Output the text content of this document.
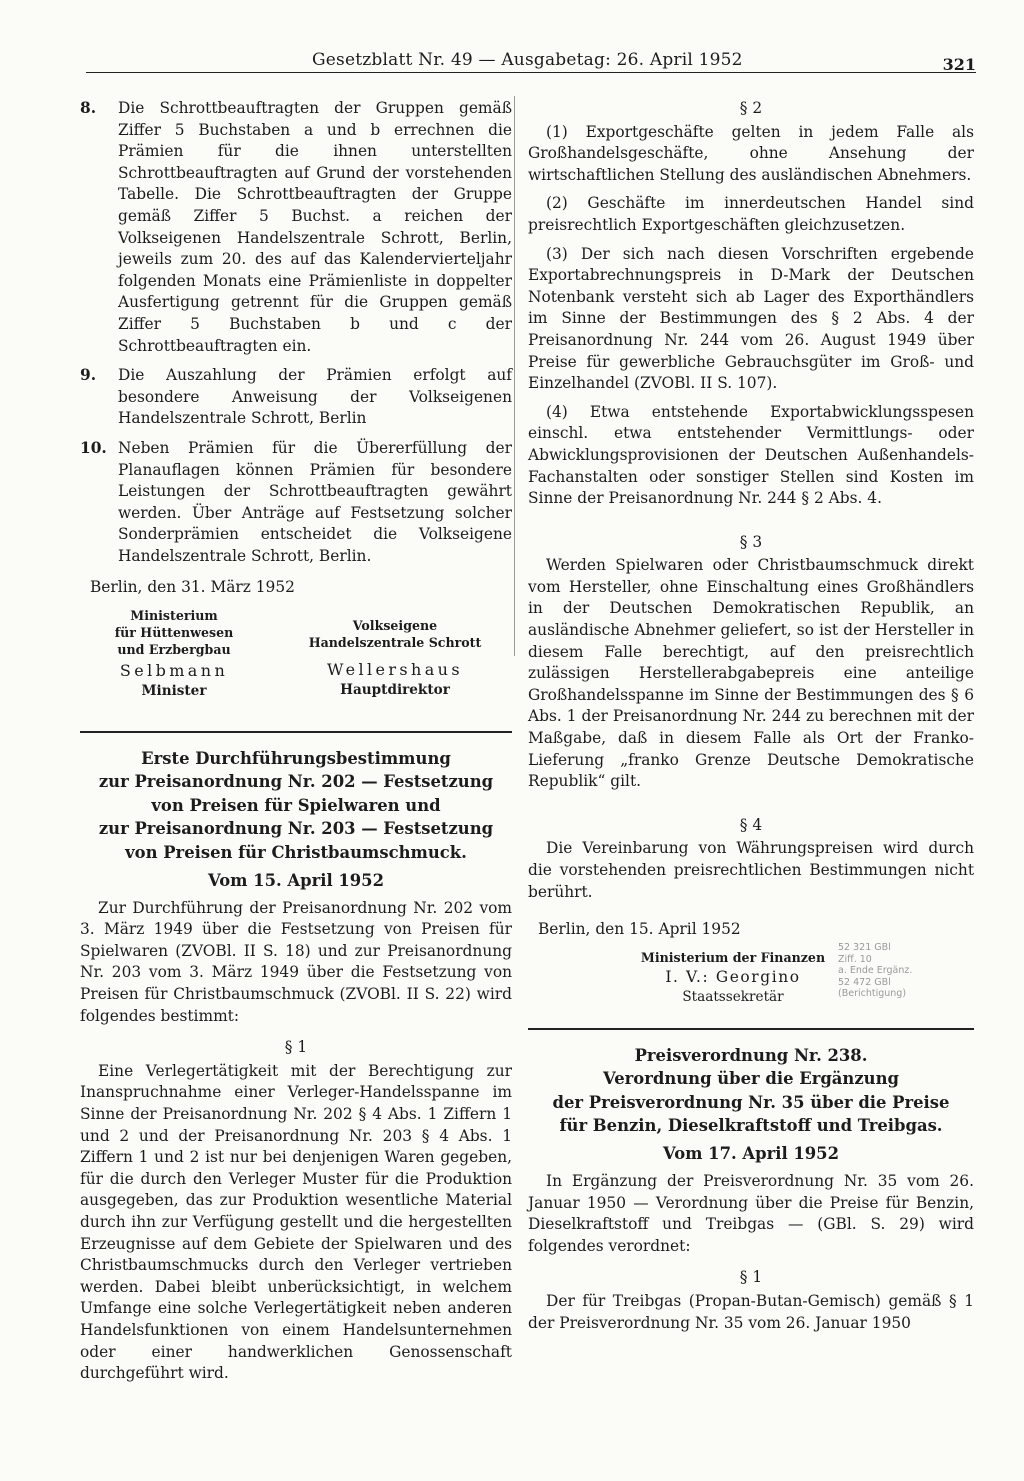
Gesetzblatt Nr. 49 — Ausgabetag: 26. April 1952	321
8. Die Schrottbeauftragten der Gruppen gemäß Ziffer 5 Buchstaben a und b errechnen die Prämien für die ihnen unterstellten Schrottbeauftragten auf Grund der vorstehenden Tabelle. Die Schrottbeauftragten der Gruppe gemäß Ziffer 5 Buchst. a reichen der Volkseigenen Handelszentrale Schrott, Berlin, jeweils zum 20. des auf das Kalendervierteljahr folgenden Monats eine Prämienliste in doppelter Ausfertigung getrennt für die Gruppen gemäß Ziffer 5 Buchstaben b und c der Schrottbeauftragten ein.
9. Die Auszahlung der Prämien erfolgt auf besondere Anweisung der Volkseigenen Handelszentrale Schrott, Berlin
10. Neben Prämien für die Übererfüllung der Planauflagen können Prämien für besondere Leistungen der Schrottbeauftragten gewährt werden. Über Anträge auf Festsetzung solcher Sonderprämien entscheidet die Volkseigene Handelszentrale Schrott, Berlin.

Berlin, den 31. März 1952

Ministerium
für Hüttenwesen
und Erzbergbau
Selbmann
Minister
Volkseigene
Handelszentrale Schrott
Wellershaus
Hauptdirektor
Erste Durchführungsbestimmung
zur Preisanordnung Nr. 202 — Festsetzung
von Preisen für Spielwaren und
zur Preisanordnung Nr. 203 — Festsetzung
von Preisen für Christbaumschmuck.
Vom 15. April 1952

Zur Durchführung der Preisanordnung Nr. 202 vom 3. März 1949 über die Festsetzung von Preisen für Spielwaren (ZVOBl. II S. 18) und zur Preisanordnung Nr. 203 vom 3. März 1949 über die Festsetzung von Preisen für Christbaumschmuck (ZVOBl. II S. 22) wird folgendes bestimmt:

§ 1

Eine Verlegertätigkeit mit der Berechtigung zur Inanspruchnahme einer Verleger-Handelsspanne im Sinne der Preisanordnung Nr. 202 § 4 Abs. 1 Ziffern 1 und 2 und der Preisanordnung Nr. 203 § 4 Abs. 1 Ziffern 1 und 2 ist nur bei denjenigen Waren gegeben, für die durch den Verleger Muster für die Produktion ausgegeben, das zur Produktion wesentliche Material durch ihn zur Verfügung gestellt und die hergestellten Erzeugnisse auf dem Gebiete der Spielwaren und des Christbaumschmucks durch den Verleger vertrieben werden. Dabei bleibt unberücksichtigt, in welchem Umfange eine solche Verlegertätigkeit neben anderen Handelsfunktionen von einem Handelsunternehmen oder einer handwerklichen Genossenschaft durchgeführt wird.

§ 2

(1) Exportgeschäfte gelten in jedem Falle als Großhandelsgeschäfte, ohne Ansehung der wirtschaftlichen Stellung des ausländischen Abnehmers.

(2) Geschäfte im innerdeutschen Handel sind preisrechtlich Exportgeschäften gleichzusetzen.

(3) Der sich nach diesen Vorschriften ergebende Exportabrechnungspreis in D-Mark der Deutschen Notenbank versteht sich ab Lager des Exporthändlers im Sinne der Bestimmungen des § 2 Abs. 4 der Preisanordnung Nr. 244 vom 26. August 1949 über Preise für gewerbliche Gebrauchsgüter im Groß- und Einzelhandel (ZVOBl. II S. 107).

(4) Etwa entstehende Exportabwicklungsspesen einschl. etwa entstehender Vermittlungs- oder Abwicklungsprovisionen der Deutschen Außenhandels-Fachanstalten oder sonstiger Stellen sind Kosten im Sinne der Preisanordnung Nr. 244 § 2 Abs. 4.

§ 3

Werden Spielwaren oder Christbaumschmuck direkt vom Hersteller, ohne Einschaltung eines Großhändlers in der Deutschen Demokratischen Republik, an ausländische Abnehmer geliefert, so ist der Hersteller in diesem Falle berechtigt, auf den preisrechtlich zulässigen Herstellerabgabepreis eine anteilige Großhandelsspanne im Sinne der Bestimmungen des § 6 Abs. 1 der Preisanordnung Nr. 244 zu berechnen mit der Maßgabe, daß in diesem Falle als Ort der Franko-Lieferung „franko Grenze Deutsche Demokratische Republik“ gilt.

§ 4

Die Vereinbarung von Währungspreisen wird durch die vorstehenden preisrechtlichen Bestimmungen nicht berührt.

Berlin, den 15. April 1952

Ministerium der Finanzen
I. V.: Georgino
Staatssekretär
Preisverordnung Nr. 238.
Verordnung über die Ergänzung
der Preisverordnung Nr. 35 über die Preise
für Benzin, Dieselkraftstoff und Treibgas.
Vom 17. April 1952

In Ergänzung der Preisverordnung Nr. 35 vom 26. Januar 1950 — Verordnung über die Preise für Benzin, Dieselkraftstoff und Treibgas — (GBl. S. 29) wird folgendes verordnet:

§ 1

Der für Treibgas (Propan-Butan-Gemisch) gemäß § 1 der Preisverordnung Nr. 35 vom 26. Januar 1950

52 321 GBl
Ziff. 10
a. Ende Ergänz.
52 472 GBl
(Berichtigung)
